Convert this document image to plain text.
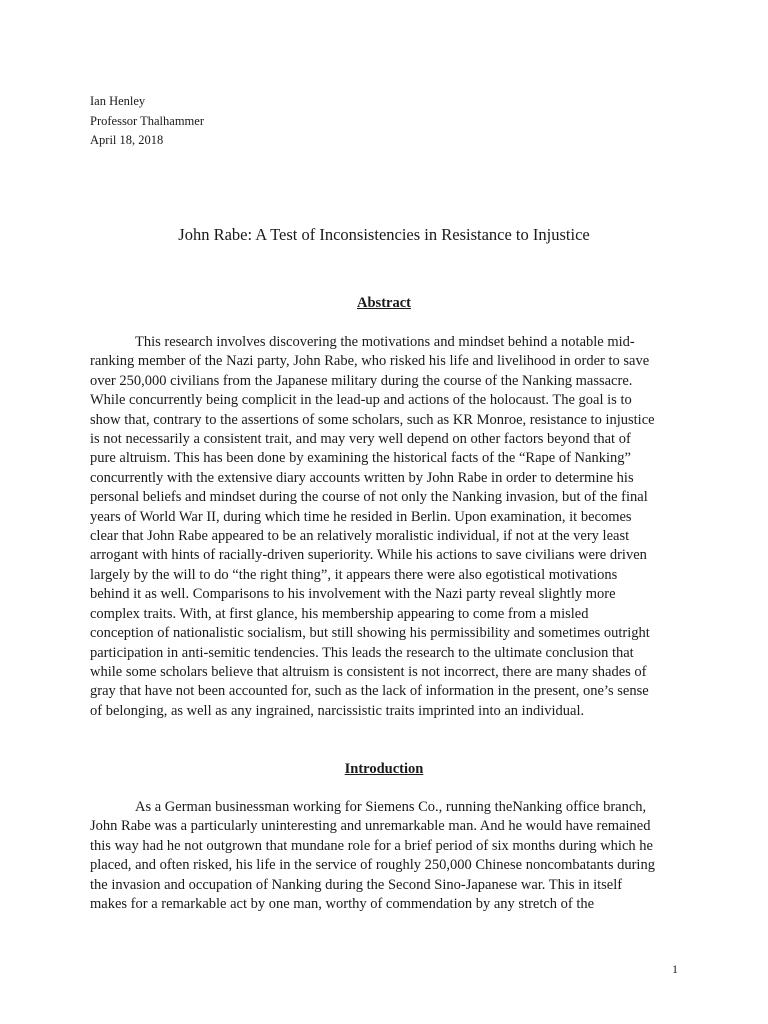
Ian Henley
Professor Thalhammer
April 18, 2018
John Rabe: A Test of Inconsistencies in Resistance to Injustice
Abstract
This research involves discovering the motivations and mindset behind a notable mid-
ranking member of the Nazi party, John Rabe, who risked his life and livelihood in order to save
over 250,000 civilians from the Japanese military during the course of the Nanking massacre.
While concurrently being complicit in the lead-up and actions of the holocaust. The goal is to
show that, contrary to the assertions of some scholars, such as KR Monroe, resistance to injustice
is not necessarily a consistent trait, and may very well depend on other factors beyond that of
pure altruism. This has been done by examining the historical facts of the “Rape of Nanking”
concurrently with the extensive diary accounts written by John Rabe in order to determine his
personal beliefs and mindset during the course of not only the Nanking invasion, but of the final
years of World War II, during which time he resided in Berlin. Upon examination, it becomes
clear that John Rabe appeared to be an relatively moralistic individual, if not at the very least
arrogant with hints of racially-driven superiority. While his actions to save civilians were driven
largely by the will to do “the right thing”, it appears there were also egotistical motivations
behind it as well. Comparisons to his involvement with the Nazi party reveal slightly more
complex traits. With, at first glance, his membership appearing to come from a misled
conception of nationalistic socialism, but still showing his permissibility and sometimes outright
participation in anti-semitic tendencies. This leads the research to the ultimate conclusion that
while some scholars believe that altruism is consistent is not incorrect, there are many shades of
gray that have not been accounted for, such as the lack of information in the present, one’s sense
of belonging, as well as any ingrained, narcissistic traits imprinted into an individual.
Introduction
As a German businessman working for Siemens Co., running theNanking office branch,
John Rabe was a particularly uninteresting and unremarkable man. And he would have remained
this way had he not outgrown that mundane role for a brief period of six months during which he
placed, and often risked, his life in the service of roughly 250,000 Chinese noncombatants during
the invasion and occupation of Nanking during the Second Sino-Japanese war. This in itself
makes for a remarkable act by one man, worthy of commendation by any stretch of the
1
